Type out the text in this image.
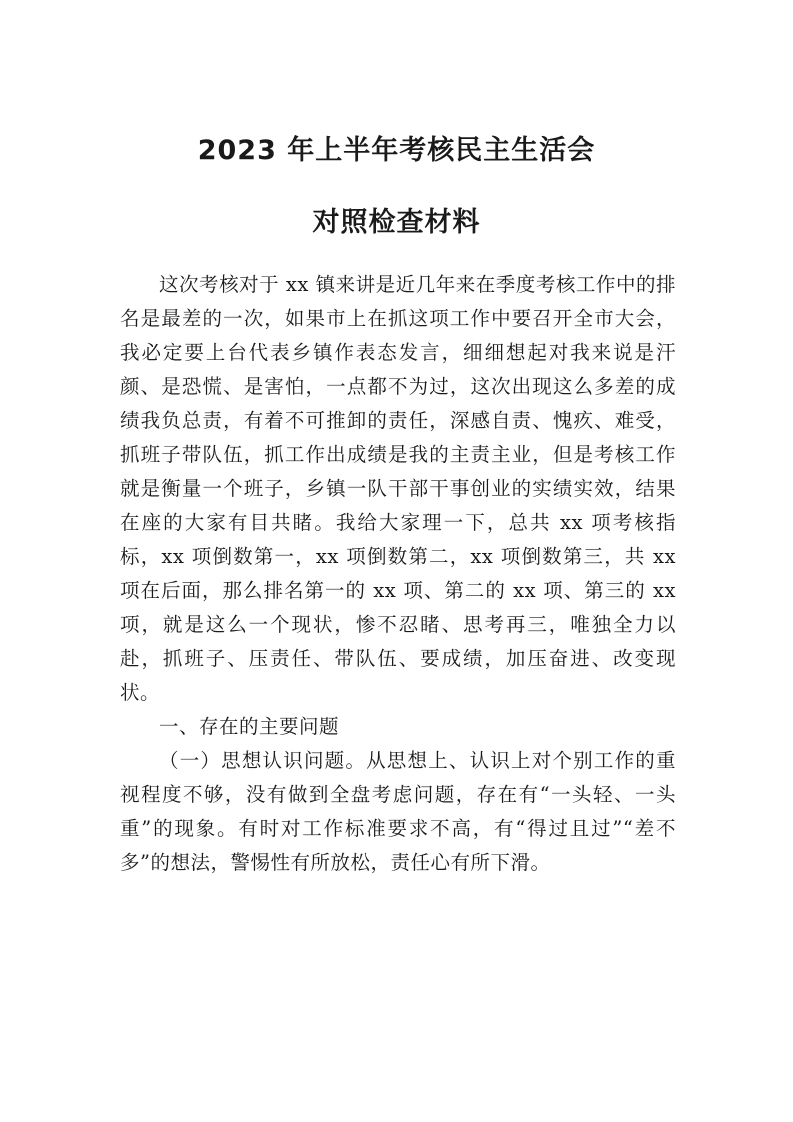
2023 年上半年考核民主生活会
对照检查材料

这次考核对于 xx 镇来讲是近几年来在季度考核工作中的排名是最差的一次，如果市上在抓这项工作中要召开全市大会，我必定要上台代表乡镇作表态发言，细细想起对我来说是汗颜、是恐慌、是害怕，一点都不为过，这次出现这么多差的成绩我负总责，有着不可推卸的责任，深感自责、愧疚、难受，抓班子带队伍，抓工作出成绩是我的主责主业，但是考核工作就是衡量一个班子，乡镇一队干部干事创业的实绩实效，结果在座的大家有目共睹。我给大家理一下，总共 xx 项考核指标，xx 项倒数第一，xx 项倒数第二，xx 项倒数第三，共 xx 项在后面，那么排名第一的 xx 项、第二的 xx 项、第三的 xx 项，就是这么一个现状，惨不忍睹、思考再三，唯独全力以赴，抓班子、压责任、带队伍、要成绩，加压奋进、改变现状。

一、存在的主要问题

（一）思想认识问题。从思想上、认识上对个别工作的重视程度不够，没有做到全盘考虑问题，存在有“一头轻、一头重”的现象。有时对工作标准要求不高，有“得过且过”“差不多”的想法，警惕性有所放松，责任心有所下滑。
